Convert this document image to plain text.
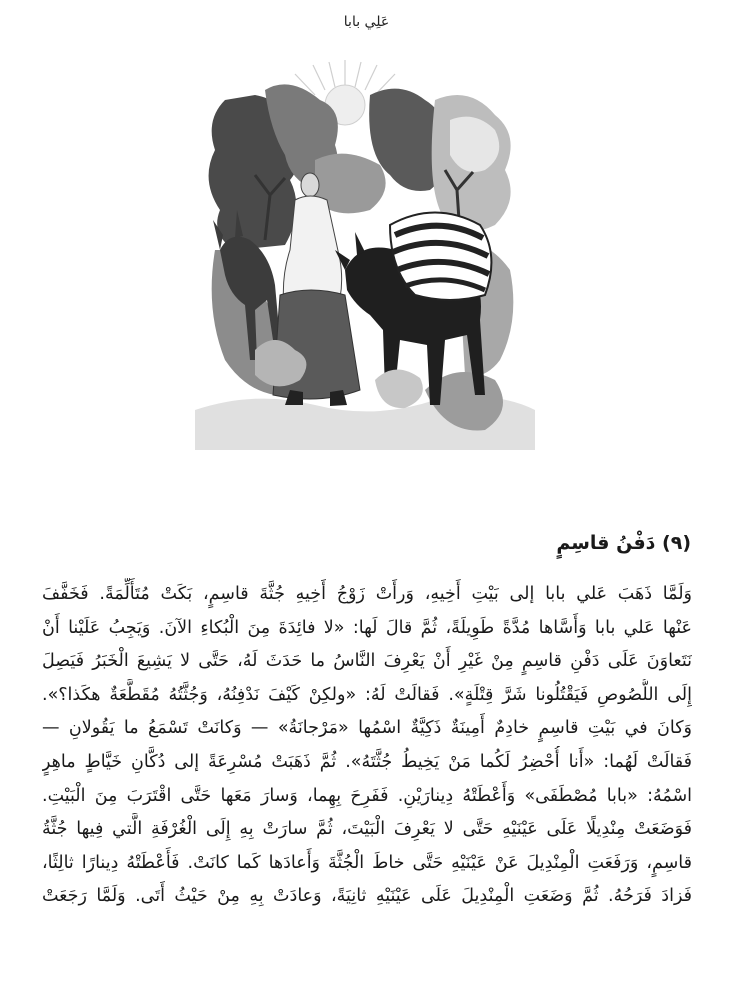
عَلِي بابا
(٩) دَفْنُ قاسِمٍ
وَلَمَّا ذَهَبَ عَلي بابا إلى بَيْتِ أَخِيهِ، وَرأَتْ زَوْجُ أَخِيهِ جُثَّةَ قاسِمٍ، بَكَتْ مُتَأَلِّمَةً. فَخَفَّفَ
عَنْها عَلي بابا وَأَسَّاها مُدَّةً طَوِيلَةً، ثُمَّ قالَ لَها: «لا فائِدَةَ مِنَ الْبُكاءِ الآنَ. وَيَجِبُ عَلَيْنا أَنْ
نَتَعاوَنَ عَلَى دَفْنِ قاسِمٍ مِنْ غَيْرِ أَنْ يَعْرِفَ النَّاسُ ما حَدَثَ لَهُ، حَتَّى لا يَشِيعَ الْخَبَرُ فَيَصِلَ
إِلَى اللُّصُوصِ فَيَقْتُلُونا شَرَّ قِتْلَةٍ». فَقالَتْ لَهُ: «ولكِنْ كَيْفَ نَدْفِنُهُ، وَجُثَّتُهُ مُقَطَّعَةٌ هكَذا؟».
وَكانَ في بَيْتِ قاسِمٍ خادِمٌ أَمِينَةٌ ذَكِيَّةٌ اسْمُها «مَرْجانَةُ» — وَكانَتْ تَسْمَعُ ما يَقُولانِ —
فَقالَتْ لَهُما: «أَنا أُحْضِرُ لَكُما مَنْ يَخِيطُ جُثَّتَهُ». ثُمَّ ذَهَبَتْ مُسْرِعَةً إلى دُكَّانِ خَيَّاطٍ ماهِرٍ
اسْمُهُ: «بابا مُصْطَفَى» وَأَعْطَتْهُ دِينارَيْنِ. فَفَرِحَ بِهِما، وَسارَ مَعَها حَتَّى اقْتَرَبَ مِنَ الْبَيْتِ.
فَوَضَعَتْ مِنْدِيلًا عَلَى عَيْنَيْهِ حَتَّى لا يَعْرِفَ الْبَيْتَ، ثُمَّ سارَتْ بِهِ إِلَى الْغُرْفَةِ الَّتي فِيها جُثَّةُ
قاسِمٍ، وَرَفَعَتِ الْمِنْدِيلَ عَنْ عَيْنَيْهِ حَتَّى خاطَ الْجُثَّةَ وَأَعادَها كَما كانَتْ. فَأَعْطَتْهُ دِينارًا ثالِثًا،
فَزادَ فَرَحُهُ. ثُمَّ وَضَعَتِ الْمِنْدِيلَ عَلَى عَيْنَيْهِ ثانِيَةً، وَعادَتْ بِهِ مِنْ حَيْثُ أَتَى. وَلَمَّا رَجَعَتْ
